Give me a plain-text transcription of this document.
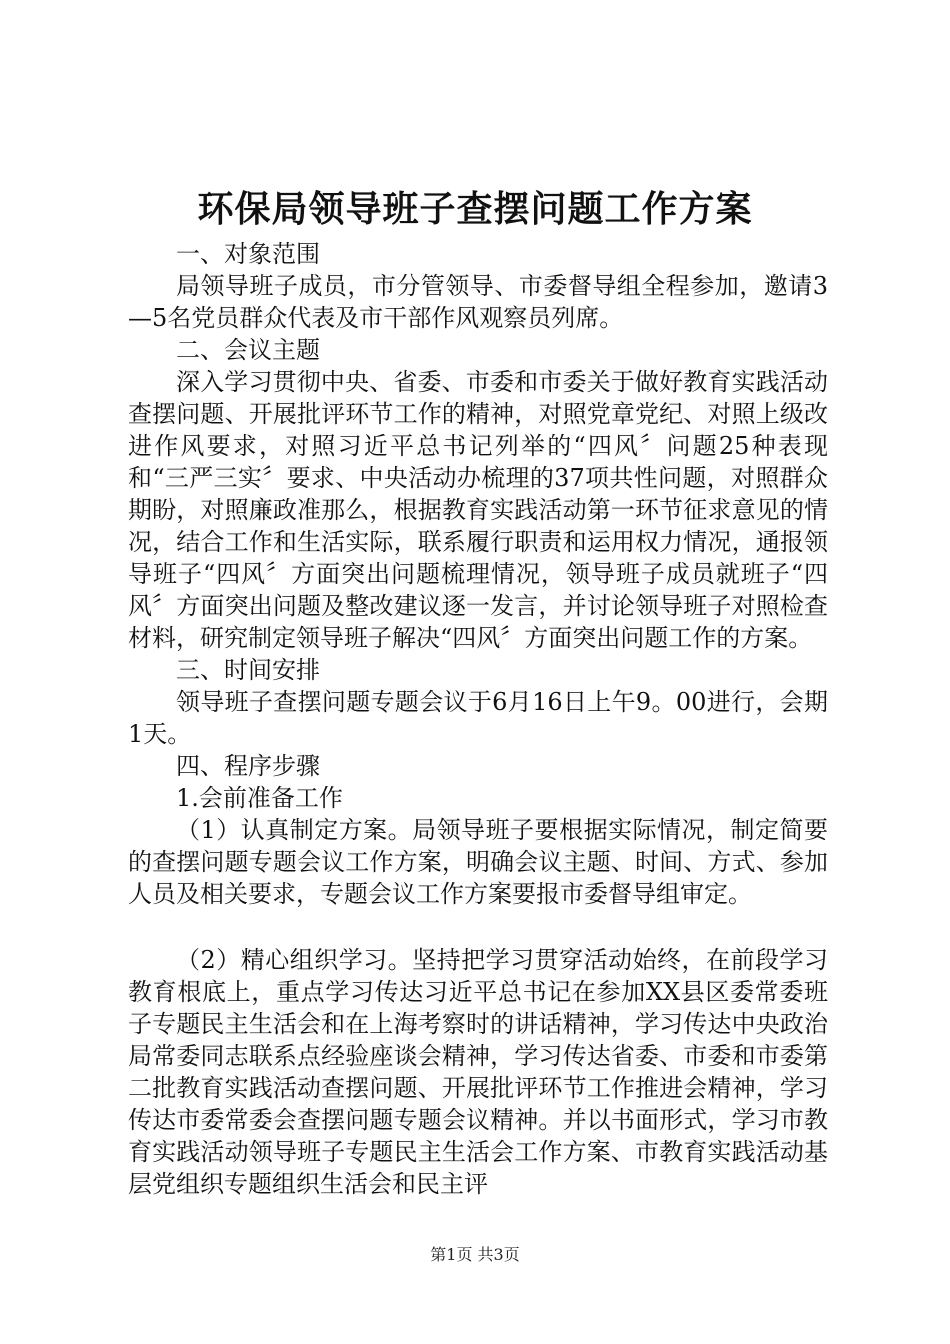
环保局领导班子查摆问题工作方案

一、对象范围

局领导班子成员，市分管领导、市委督导组全程参加，邀请3—5名党员群众代表及市干部作风观察员列席。

二、会议主题

深入学习贯彻中央、省委、市委和市委关于做好教育实践活动查摆问题、开展批评环节工作的精神，对照党章党纪、对照上级改进作风要求，对照习近平总书记列举的“四风〞问题25种表现和“三严三实〞要求、中央活动办梳理的37项共性问题，对照群众期盼，对照廉政准那么，根据教育实践活动第一环节征求意见的情况，结合工作和生活实际，联系履行职责和运用权力情况，通报领导班子“四风〞方面突出问题梳理情况，领导班子成员就班子“四风〞方面突出问题及整改建议逐一发言，并讨论领导班子对照检查材料，研究制定领导班子解决“四风〞方面突出问题工作的方案。

三、时间安排

领导班子查摆问题专题会议于6月16日上午9。00进行，会期1天。

四、程序步骤

1.会前准备工作

（1）认真制定方案。局领导班子要根据实际情况，制定简要的查摆问题专题会议工作方案，明确会议主题、时间、方式、参加人员及相关要求，专题会议工作方案要报市委督导组审定。

（2）精心组织学习。坚持把学习贯穿活动始终，在前段学习教育根底上，重点学习传达习近平总书记在参加XX县区委常委班子专题民主生活会和在上海考察时的讲话精神，学习传达中央政治局常委同志联系点经验座谈会精神，学习传达省委、市委和市委第二批教育实践活动查摆问题、开展批评环节工作推进会精神，学习传达市委常委会查摆问题专题会议精神。并以书面形式，学习市教育实践活动领导班子专题民主生活会工作方案、市教育实践活动基层党组织专题组织生活会和民主评

第1页 共3页
